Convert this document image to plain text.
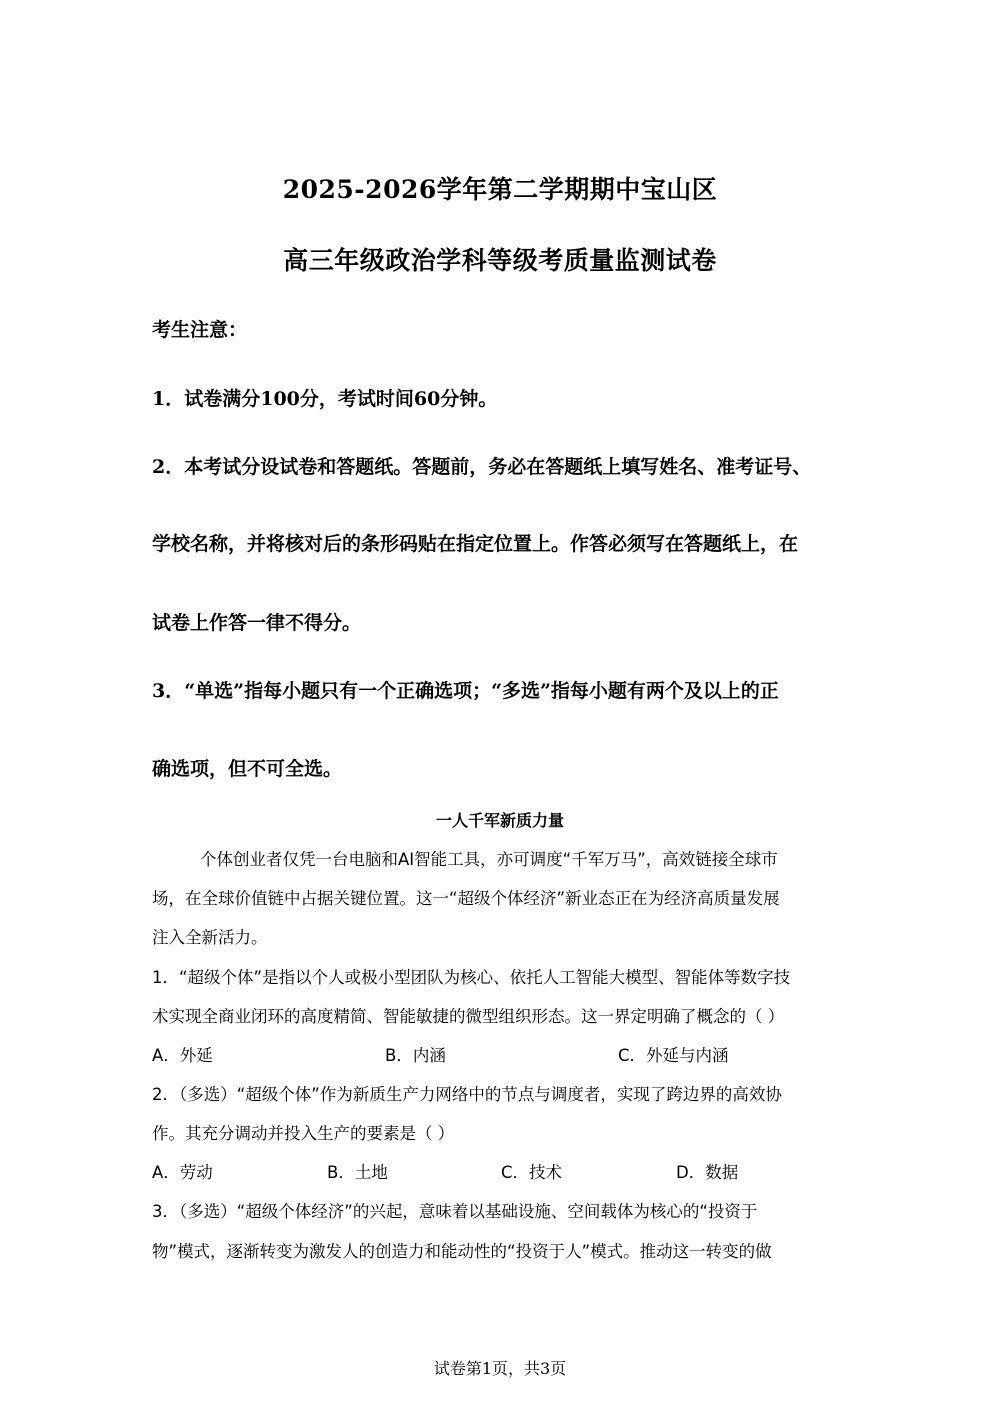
2025-2026学年第二学期期中宝山区
高三年级政治学科等级考质量监测试卷
考生注意：
1．试卷满分100分，考试时间60分钟。
2．本考试分设试卷和答题纸。答题前，务必在答题纸上填写姓名、准考证号、
学校名称，并将核对后的条形码贴在指定位置上。作答必须写在答题纸上，在
试卷上作答一律不得分。
3．“单选”指每小题只有一个正确选项；“多选”指每小题有两个及以上的正
确选项，但不可全选。
一人千军新质力量
个体创业者仅凭一台电脑和AI智能工具，亦可调度“千军万马”，高效链接全球市
场，在全球价值链中占据关键位置。这一“超级个体经济”新业态正在为经济高质量发展
注入全新活力。
1．“超级个体”是指以个人或极小型团队为核心、依托人工智能大模型、智能体等数字技
术实现全商业闭环的高度精简、智能敏捷的微型组织形态。这一界定明确了概念的（ ）
A．外延	B．内涵	C．外延与内涵
2．（多选）“超级个体”作为新质生产力网络中的节点与调度者，实现了跨边界的高效协
作。其充分调动并投入生产的要素是（ ）
A．劳动	B．土地	C．技术	D．数据
3．（多选）“超级个体经济”的兴起，意味着以基础设施、空间载体为核心的“投资于
物”模式，逐渐转变为激发人的创造力和能动性的“投资于人”模式。推动这一转变的做
试卷第1页，共3页
